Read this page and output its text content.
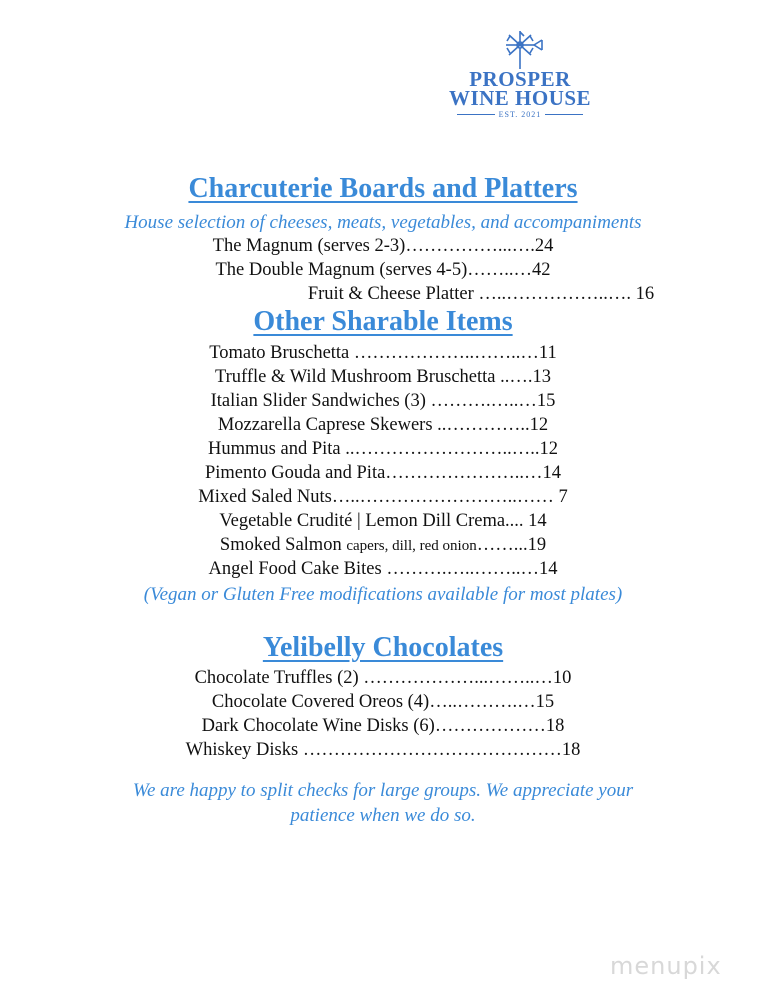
PROSPER
WINE HOUSE
EST. 2021
Charcuterie Boards and Platters
House selection of cheeses, meats, vegetables, and accompaniments
The Magnum (serves 2-3)……………...….24
The Double Magnum (serves 4-5)……..…42
Fruit & Cheese Platter …..……………..…. 16
Other Sharable Items
Tomato Bruschetta ………………..……..…11
Truffle & Wild Mushroom Bruschetta ..….13
Italian Slider Sandwiches (3) ……….…..…15
Mozzarella Caprese Skewers ..…………..12
Hummus and Pita ..……………………..…..12
Pimento Gouda and Pita…………………..…14
Mixed Saled Nuts…..……………………..…… 7
Vegetable Crudité | Lemon Dill Crema.... 14
Smoked Salmon capers, dill, red onion……...19
Angel Food Cake Bites ……….…..……..…14
(Vegan or Gluten Free modifications available for most plates)
Yelibelly Chocolates
Chocolate Truffles (2) ………………...……..…10
Chocolate Covered Oreos (4)…..……….…15
Dark Chocolate Wine Disks (6)………………18
Whiskey Disks ……………………………………18
We are happy to split checks for large groups. We appreciate your
patience when we do so.
menupix
